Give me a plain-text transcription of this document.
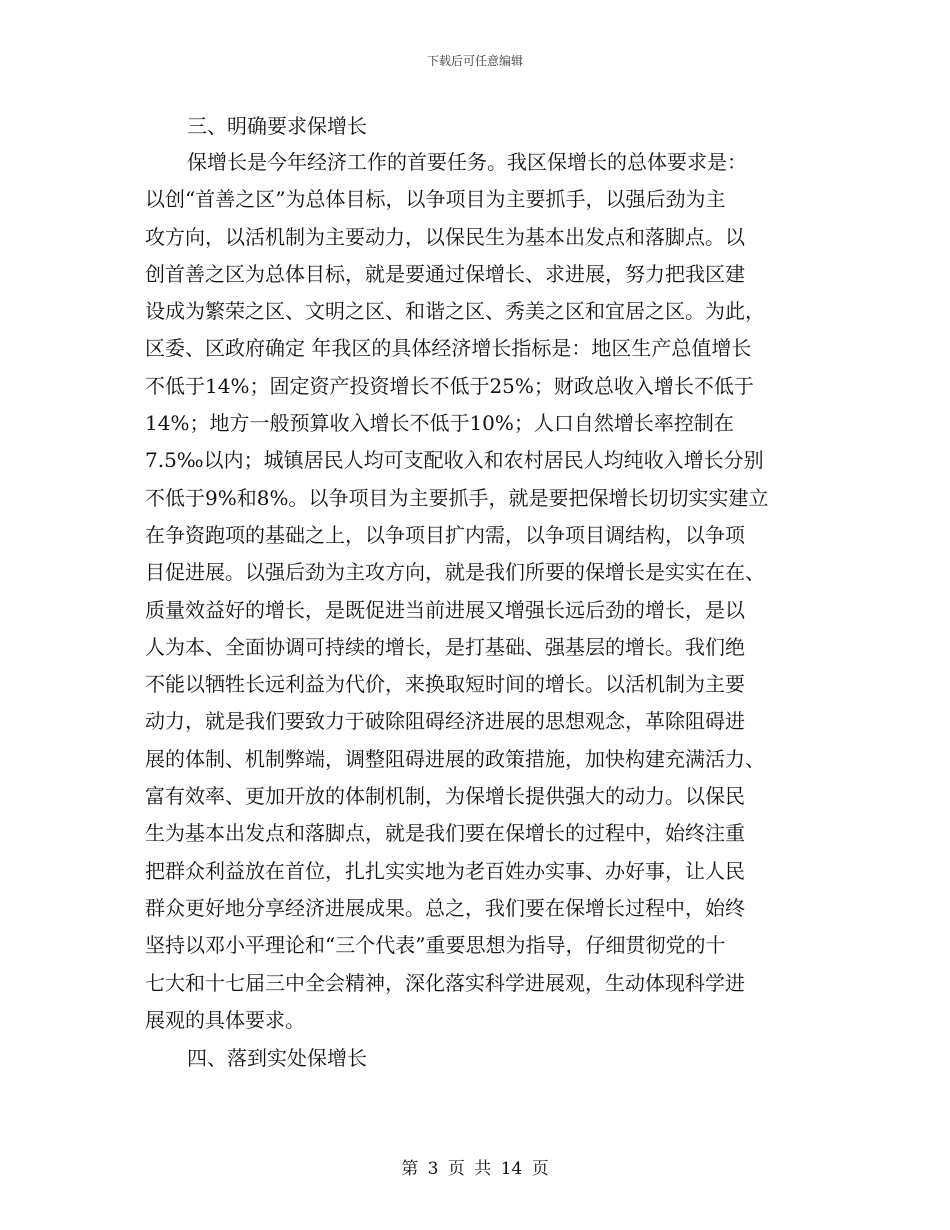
下载后可任意编辑
三、明确要求保增长
保增长是今年经济工作的首要任务。我区保增长的总体要求是：
以创“首善之区”为总体目标，以争项目为主要抓手，以强后劲为主
攻方向，以活机制为主要动力，以保民生为基本出发点和落脚点。以
创首善之区为总体目标，就是要通过保增长、求进展，努力把我区建
设成为繁荣之区、文明之区、和谐之区、秀美之区和宜居之区。为此，
区委、区政府确定 年我区的具体经济增长指标是：地区生产总值增长
不低于14%；固定资产投资增长不低于25%；财政总收入增长不低于
14%；地方一般预算收入增长不低于10%；人口自然增长率控制在
7.5‰以内；城镇居民人均可支配收入和农村居民人均纯收入增长分别
不低于9%和8%。以争项目为主要抓手，就是要把保增长切切实实建立
在争资跑项的基础之上，以争项目扩内需，以争项目调结构，以争项
目促进展。以强后劲为主攻方向，就是我们所要的保增长是实实在在、
质量效益好的增长，是既促进当前进展又增强长远后劲的增长，是以
人为本、全面协调可持续的增长，是打基础、强基层的增长。我们绝
不能以牺牲长远利益为代价，来换取短时间的增长。以活机制为主要
动力，就是我们要致力于破除阻碍经济进展的思想观念，革除阻碍进
展的体制、机制弊端，调整阻碍进展的政策措施，加快构建充满活力、
富有效率、更加开放的体制机制，为保增长提供强大的动力。以保民
生为基本出发点和落脚点，就是我们要在保增长的过程中，始终注重
把群众利益放在首位，扎扎实实地为老百姓办实事、办好事，让人民
群众更好地分享经济进展成果。总之，我们要在保增长过程中，始终
坚持以邓小平理论和“三个代表”重要思想为指导，仔细贯彻党的十
七大和十七届三中全会精神，深化落实科学进展观，生动体现科学进
展观的具体要求。
四、落到实处保增长
第 3 页 共 14 页
